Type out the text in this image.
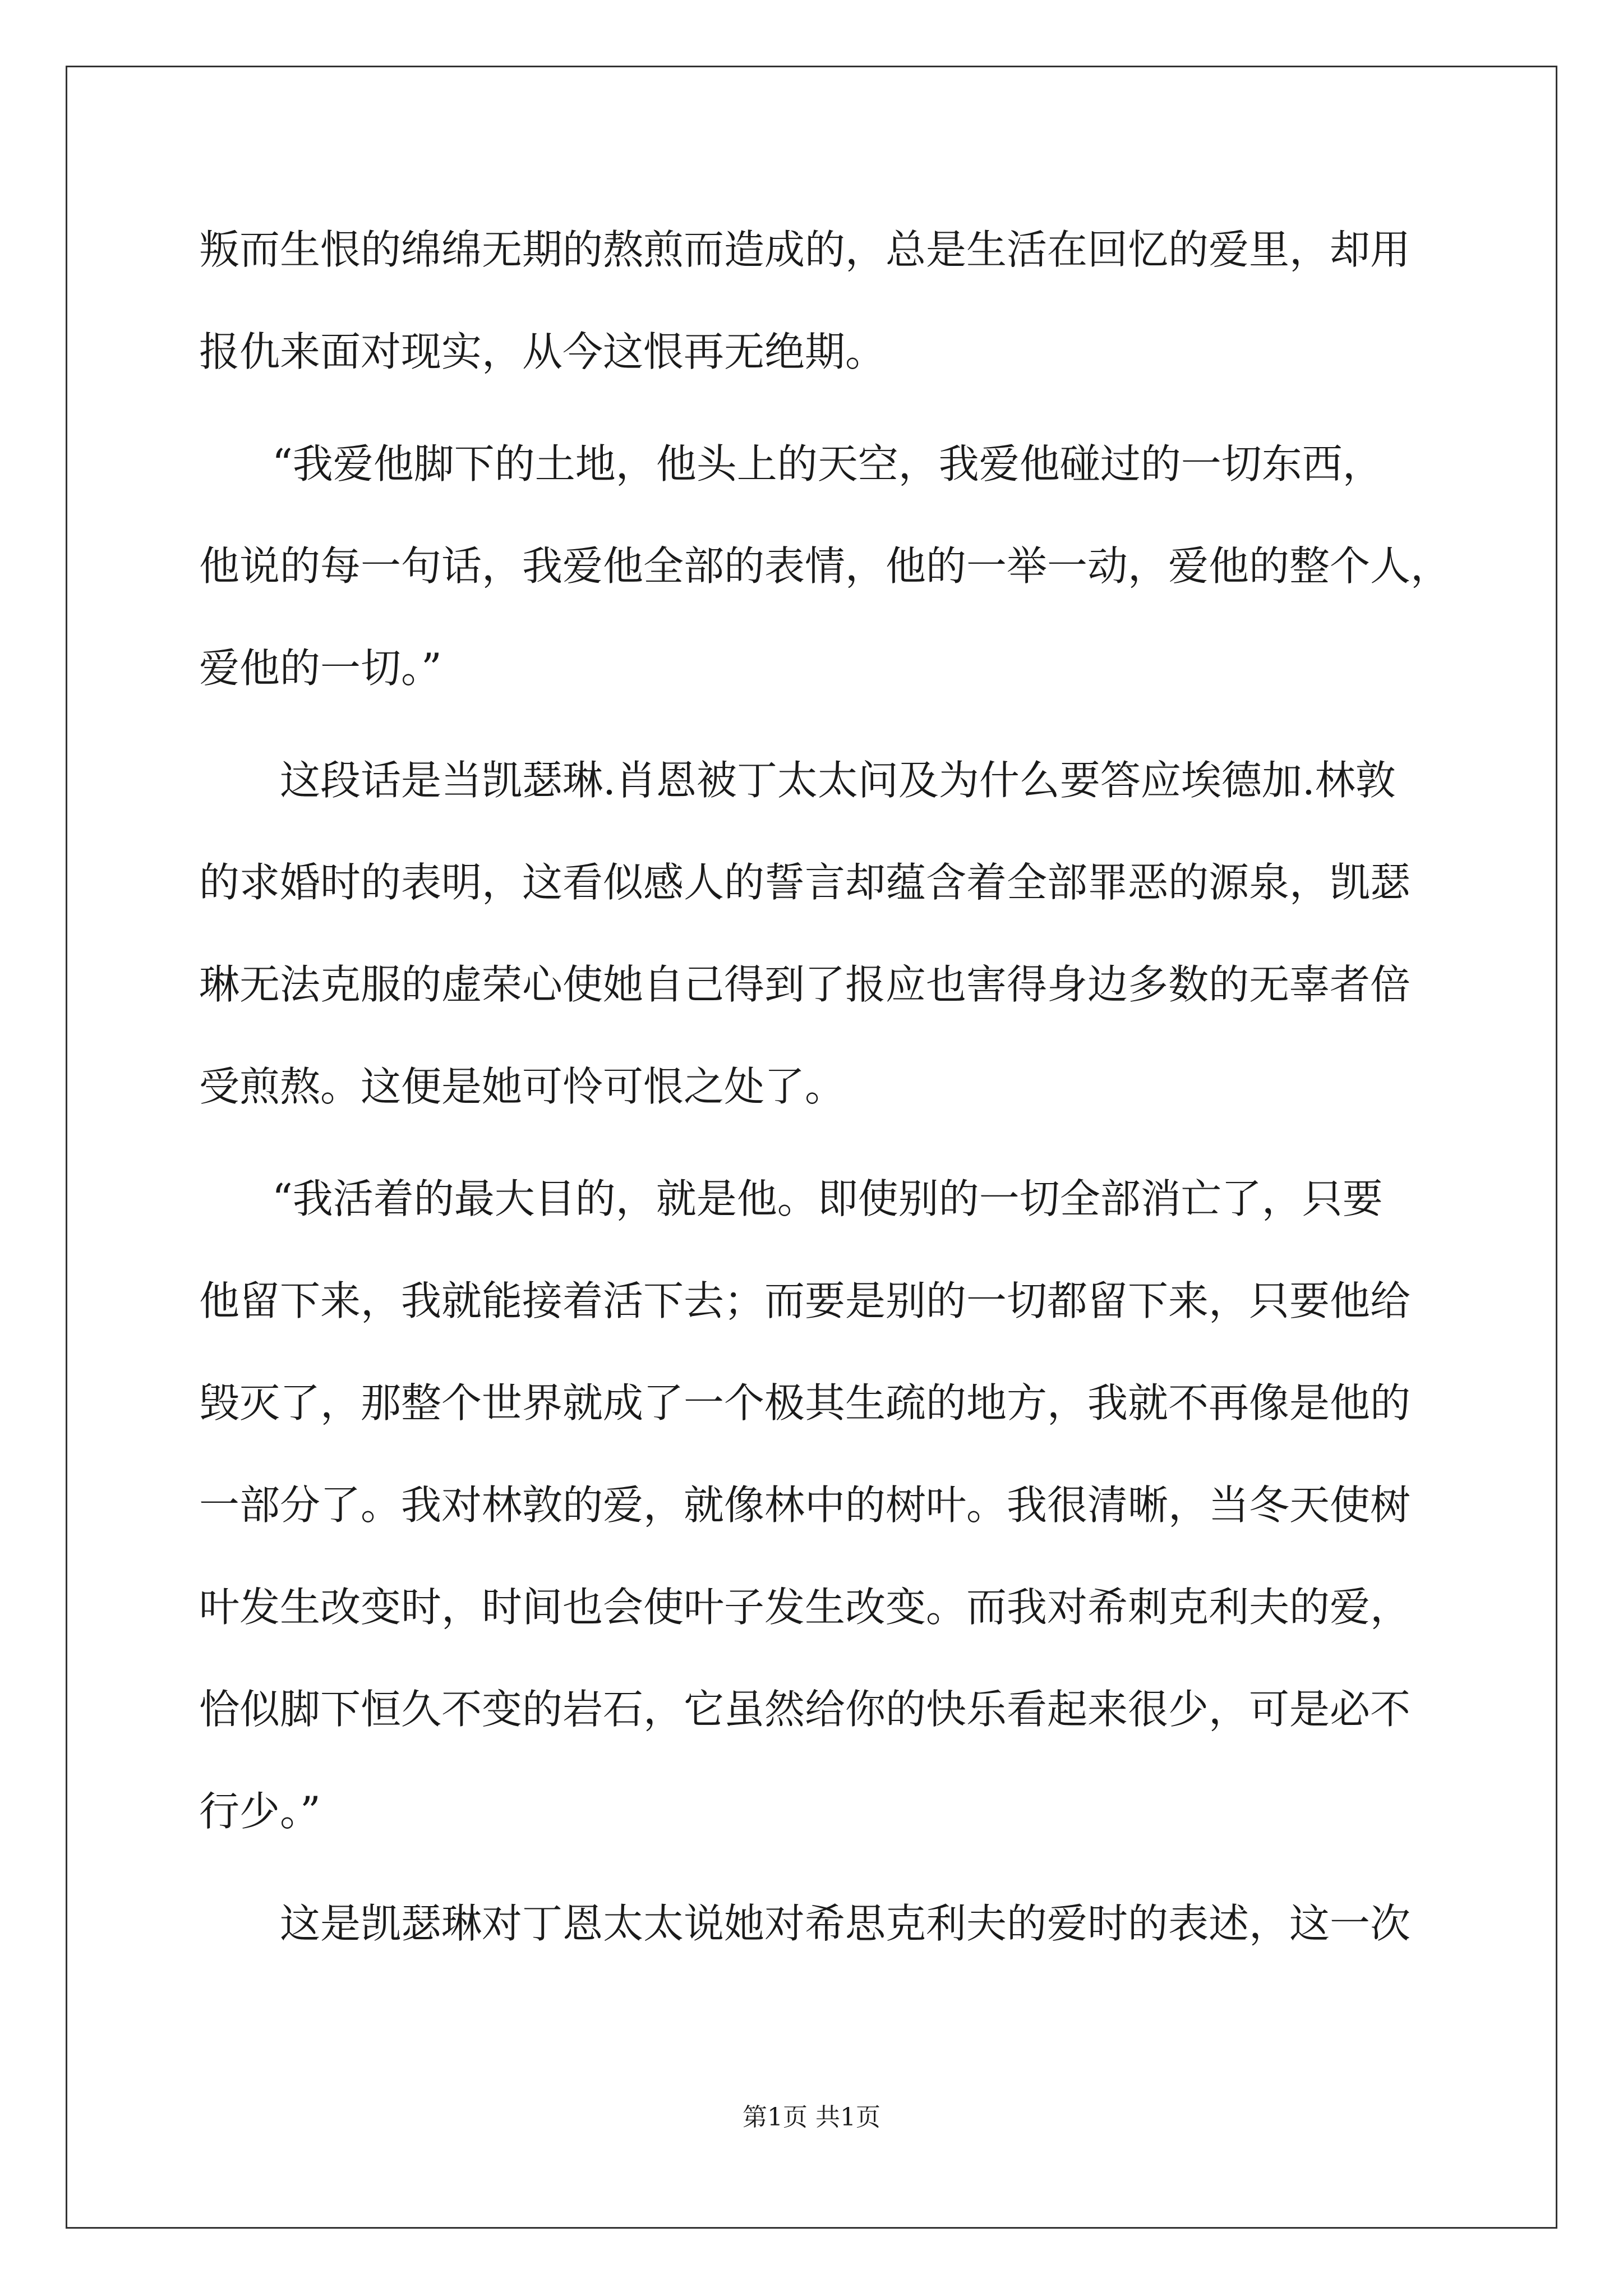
叛而生恨的绵绵无期的熬煎而造成的，总是生活在回忆的爱里，却用
报仇来面对现实，从今这恨再无绝期。
“我爱他脚下的土地，他头上的天空，我爱他碰过的一切东西，
他说的每一句话，我爱他全部的表情，他的一举一动，爱他的整个人，
爱他的一切。”
这段话是当凯瑟琳.肖恩被丁太太问及为什么要答应埃德加.林敦
的求婚时的表明，这看似感人的誓言却蕴含着全部罪恶的源泉，凯瑟
琳无法克服的虚荣心使她自己得到了报应也害得身边多数的无辜者倍
受煎熬。这便是她可怜可恨之处了。
“我活着的最大目的，就是他。即使别的一切全部消亡了，只要
他留下来，我就能接着活下去；而要是别的一切都留下来，只要他给
毁灭了，那整个世界就成了一个极其生疏的地方，我就不再像是他的
一部分了。我对林敦的爱，就像林中的树叶。我很清晰，当冬天使树
叶发生改变时，时间也会使叶子发生改变。而我对希刺克利夫的爱，
恰似脚下恒久不变的岩石，它虽然给你的快乐看起来很少，可是必不
行少。”
这是凯瑟琳对丁恩太太说她对希思克利夫的爱时的表述，这一次
第1页 共1页
